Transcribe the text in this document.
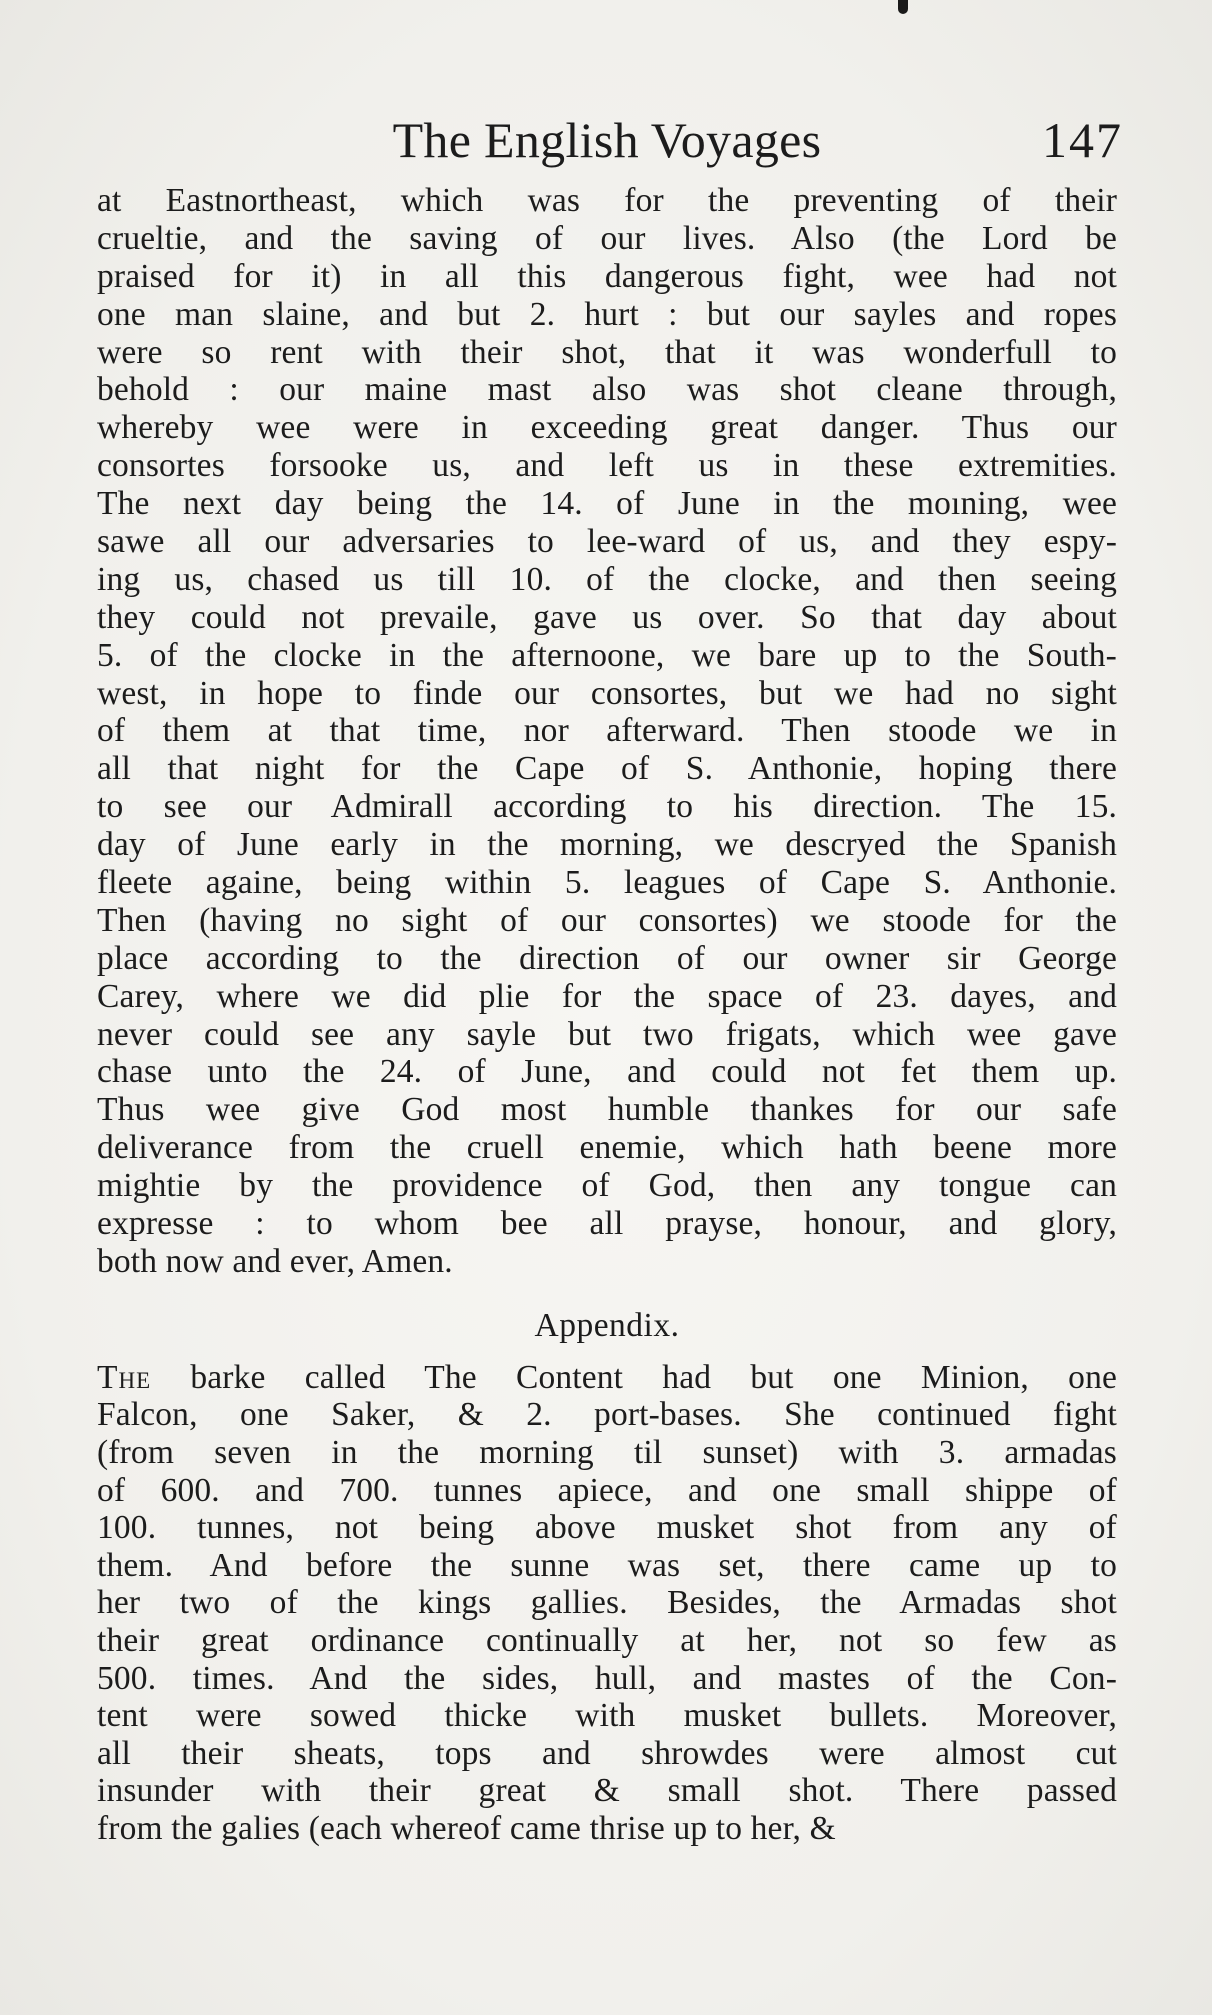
The English Voyages	147
at Eastnortheast, which was for the preventing of their
crueltie, and the saving of our lives. Also (the Lord be
praised for it) in all this dangerous fight, wee had not
one man slaine, and but 2. hurt : but our sayles and ropes
were so rent with their shot, that it was wonderfull to
behold : our maine mast also was shot cleane through,
whereby wee were in exceeding great danger. Thus our
consortes forsooke us, and left us in these extremities.
The next day being the 14. of June in the moıning, wee
sawe all our adversaries to lee-ward of us, and they espy-
ing us, chased us till 10. of the clocke, and then seeing
they could not prevaile, gave us over. So that day about
5. of the clocke in the afternoone, we bare up to the South-
west, in hope to finde our consortes, but we had no sight
of them at that time, nor afterward. Then stoode we in
all that night for the Cape of S. Anthonie, hoping there
to see our Admirall according to his direction. The 15.
day of June early in the morning, we descryed the Spanish
fleete againe, being within 5. leagues of Cape S. Anthonie.
Then (having no sight of our consortes) we stoode for the
place according to the direction of our owner sir George
Carey, where we did plie for the space of 23. dayes, and
never could see any sayle but two frigats, which wee gave
chase unto the 24. of June, and could not fet them up.
Thus wee give God most humble thankes for our safe
deliverance from the cruell enemie, which hath beene more
mightie by the providence of God, then any tongue can
expresse : to whom bee all prayse, honour, and glory,
both now and ever, Amen.
Appendix.
The barke called The Content had but one Minion, one
Falcon, one Saker, & 2. port-bases. She continued fight
(from seven in the morning til sunset) with 3. armadas
of 600. and 700. tunnes apiece, and one small shippe of
100. tunnes, not being above musket shot from any of
them. And before the sunne was set, there came up to
her two of the kings gallies. Besides, the Armadas shot
their great ordinance continually at her, not so few as
500. times. And the sides, hull, and mastes of the Con-
tent were sowed thicke with musket bullets. Moreover,
all their sheats, tops and shrowdes were almost cut
insunder with their great & small shot. There passed
from the galies (each whereof came thrise up to her, &
